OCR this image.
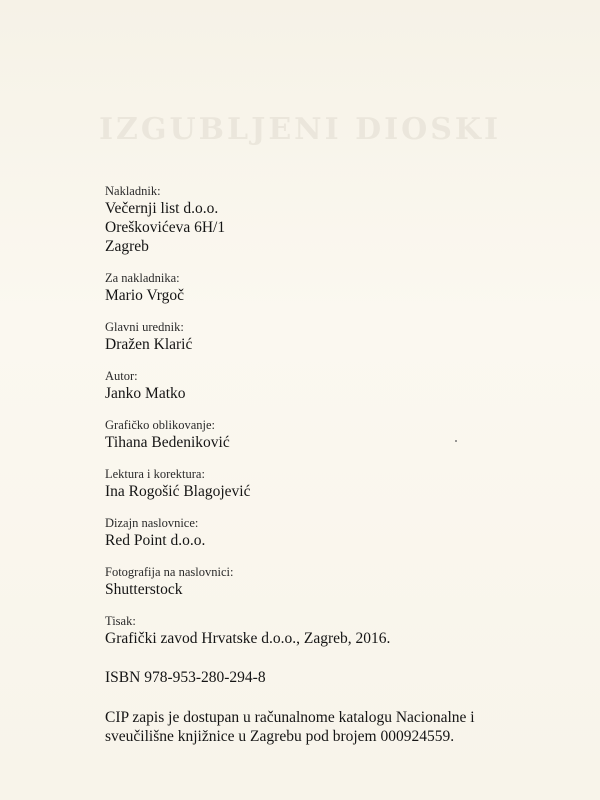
IZGUBLJENI DIOSKI
Nakladnik:
Večernji list d.o.o.
Oreškovićeva 6H/1
Zagreb
Za nakladnika:
Mario Vrgoč
Glavni urednik:
Dražen Klarić
Autor:
Janko Matko
Grafičko oblikovanje:
Tihana Bedeniković
Lektura i korektura:
Ina Rogošić Blagojević
Dizajn naslovnice:
Red Point d.o.o.
Fotografija na naslovnici:
Shutterstock
Tisak:
Grafički zavod Hrvatske d.o.o., Zagreb, 2016.
ISBN 978-953-280-294-8
CIP zapis je dostupan u računalnome katalogu Nacionalne i
sveučilišne knjižnice u Zagrebu pod brojem 000924559.
